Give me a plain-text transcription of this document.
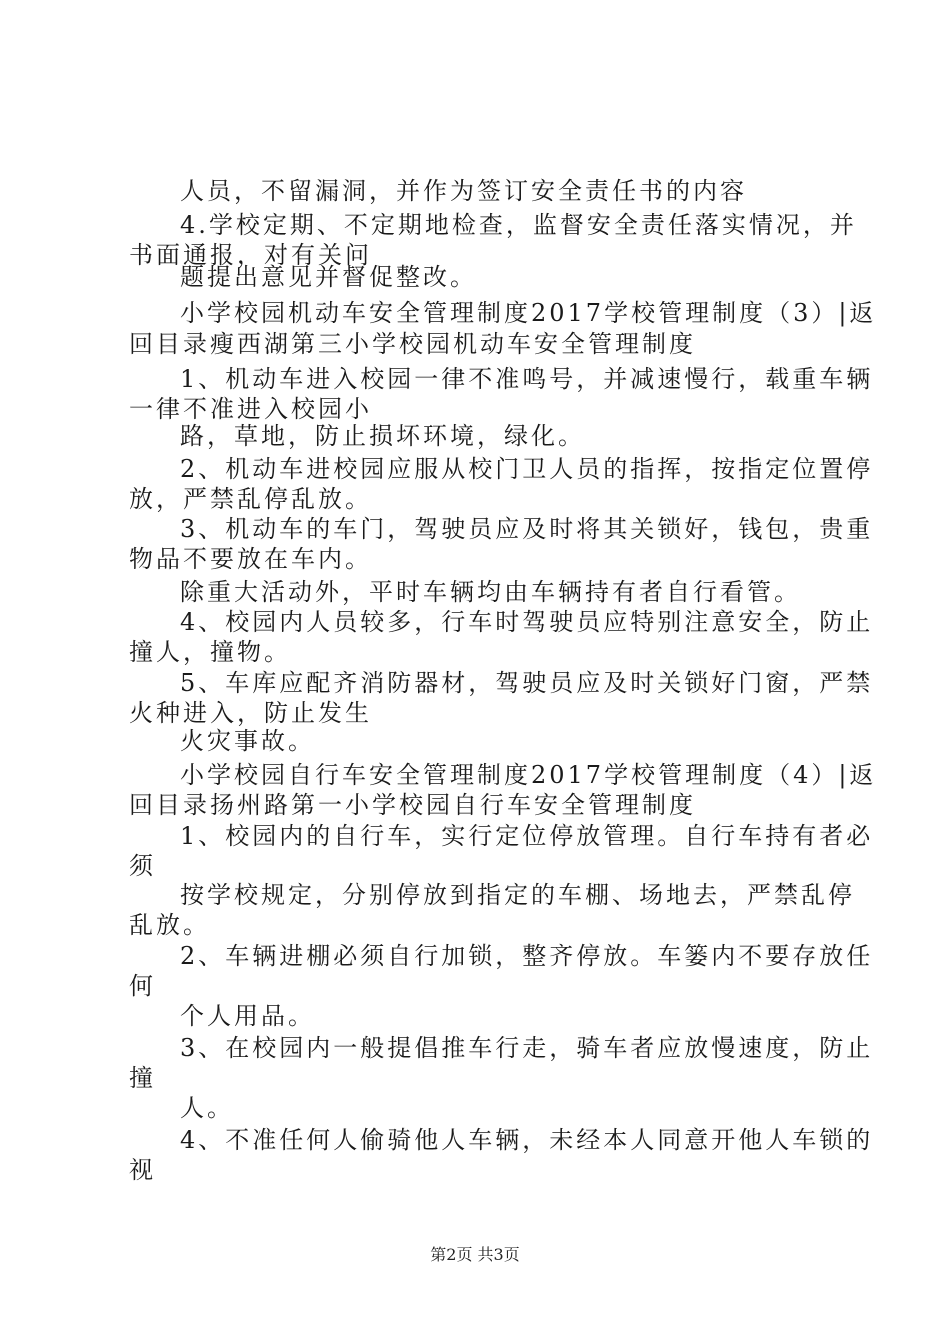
人员，不留漏洞，并作为签订安全责任书的内容
4.学校定期、不定期地检查，监督安全责任落实情况，并
书面通报，对有关问
题提出意见并督促整改。
小学校园机动车安全管理制度2017学校管理制度（3）|返
回目录瘦西湖第三小学校园机动车安全管理制度
1、机动车进入校园一律不准鸣号，并减速慢行，载重车辆
一律不准进入校园小
路，草地，防止损坏环境，绿化。
2、机动车进校园应服从校门卫人员的指挥，按指定位置停
放，严禁乱停乱放。
3、机动车的车门，驾驶员应及时将其关锁好，钱包，贵重
物品不要放在车内。
除重大活动外，平时车辆均由车辆持有者自行看管。
4、校园内人员较多，行车时驾驶员应特别注意安全，防止
撞人，撞物。
5、车库应配齐消防器材，驾驶员应及时关锁好门窗，严禁
火种进入，防止发生
火灾事故。
小学校园自行车安全管理制度2017学校管理制度（4）|返
回目录扬州路第一小学校园自行车安全管理制度
1、校园内的自行车，实行定位停放管理。自行车持有者必
须
按学校规定，分别停放到指定的车棚、场地去，严禁乱停
乱放。
2、车辆进棚必须自行加锁，整齐停放。车篓内不要存放任
何
个人用品。
3、在校园内一般提倡推车行走，骑车者应放慢速度，防止
撞
人。
4、不准任何人偷骑他人车辆，未经本人同意开他人车锁的
视
第2页 共3页
